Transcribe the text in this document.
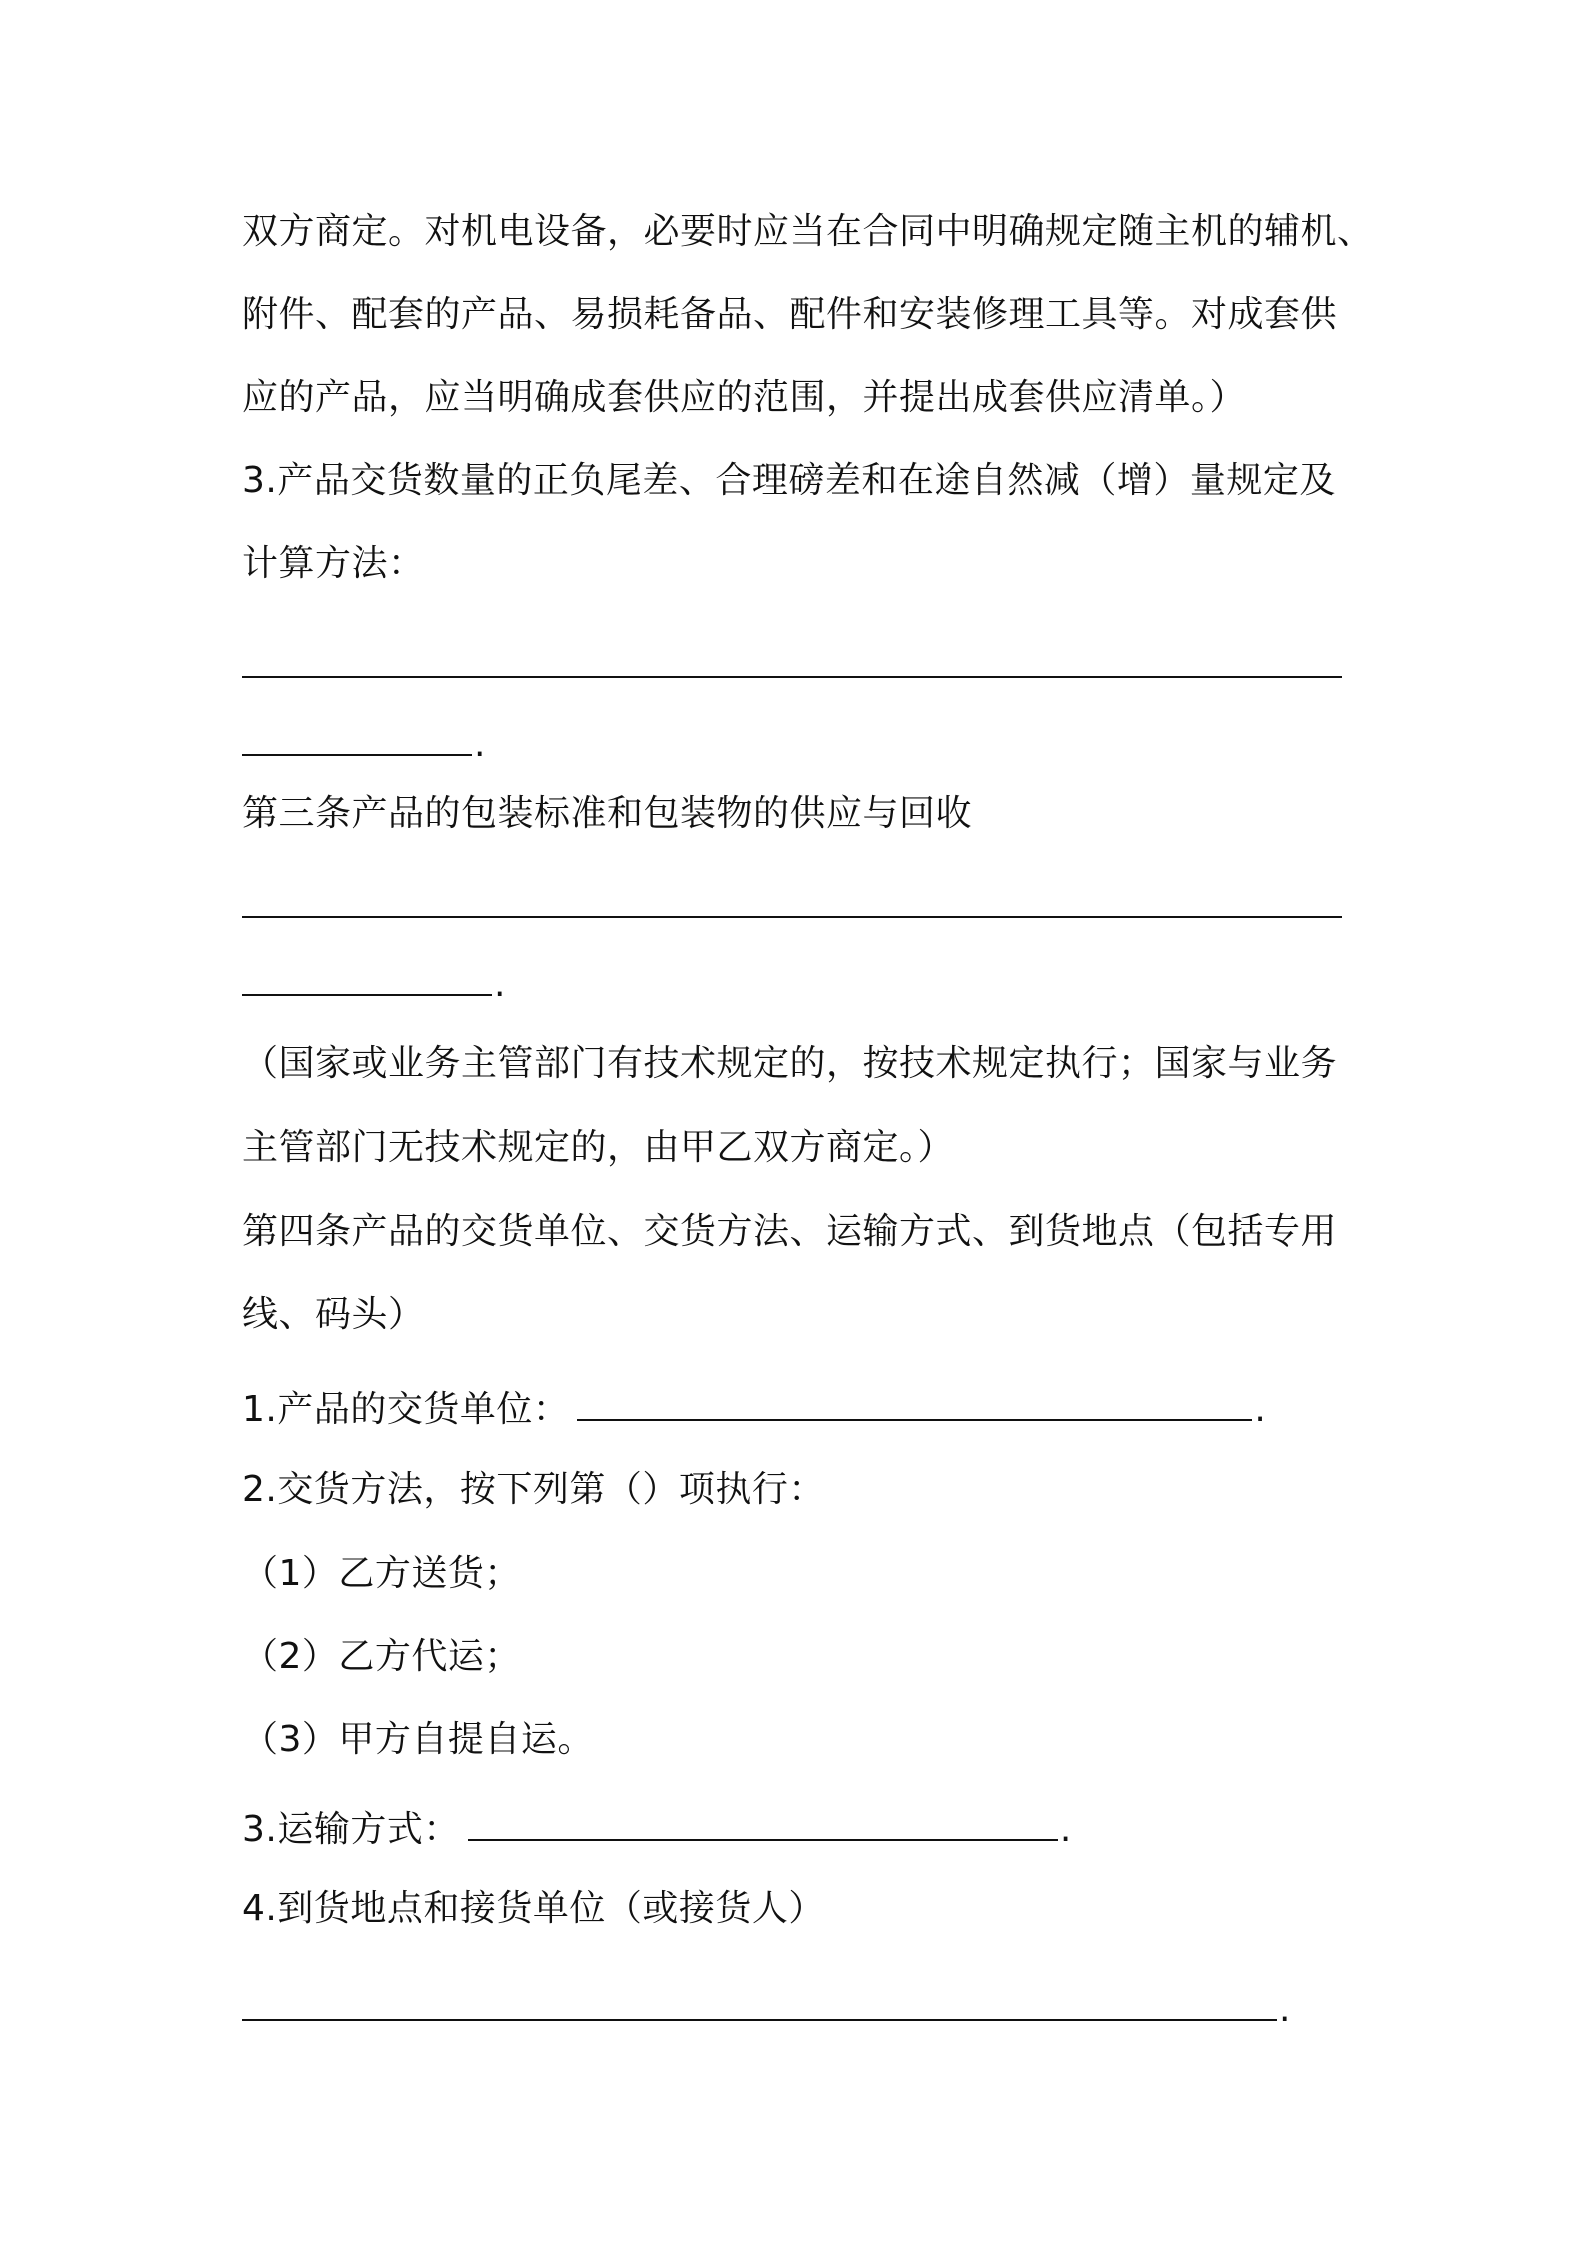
双方商定。对机电设备，必要时应当在合同中明确规定随主机的辅机、

附件、配套的产品、易损耗备品、配件和安装修理工具等。对成套供

应的产品，应当明确成套供应的范围，并提出成套供应清单。）

3.产品交货数量的正负尾差、合理磅差和在途自然减（增）量规定及

计算方法：

.

第三条产品的包装标准和包装物的供应与回收

.

（国家或业务主管部门有技术规定的，按技术规定执行；国家与业务

主管部门无技术规定的，由甲乙双方商定。）

第四条产品的交货单位、交货方法、运输方式、到货地点（包括专用

线、码头）

1.产品的交货单位：	.

2.交货方法，按下列第（）项执行：

（1）乙方送货；

（2）乙方代运；

（3）甲方自提自运。

3.运输方式：	.

4.到货地点和接货单位（或接货人）

.
